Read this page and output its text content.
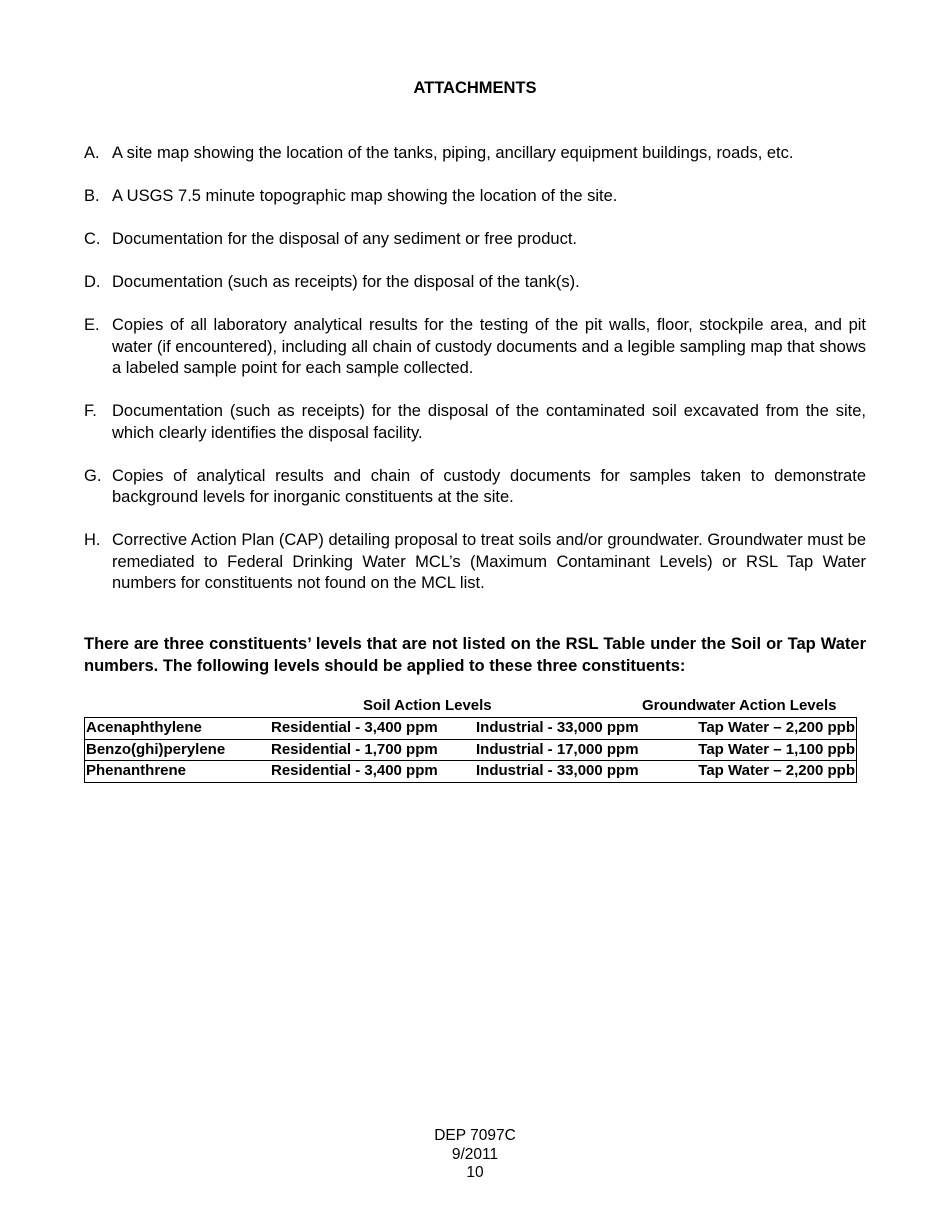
ATTACHMENTS
A. A site map showing the location of the tanks, piping, ancillary equipment buildings, roads, etc.
B. A USGS 7.5 minute topographic map showing the location of the site.
C. Documentation for the disposal of any sediment or free product.
D. Documentation (such as receipts) for the disposal of the tank(s).
E. Copies of all laboratory analytical results for the testing of the pit walls, floor, stockpile area, and pit water (if encountered), including all chain of custody documents and a legible sampling map that shows a labeled sample point for each sample collected.
F. Documentation (such as receipts) for the disposal of the contaminated soil excavated from the site, which clearly identifies the disposal facility.
G. Copies of analytical results and chain of custody documents for samples taken to demonstrate background levels for inorganic constituents at the site.
H. Corrective Action Plan (CAP) detailing proposal to treat soils and/or groundwater. Groundwater must be remediated to Federal Drinking Water MCL’s (Maximum Contaminant Levels) or RSL Tap Water numbers for constituents not found on the MCL list.

There are three constituents’ levels that are not listed on the RSL Table under the Soil or Tap Water numbers. The following levels should be applied to these three constituents:

Soil Action Levels	Groundwater Action Levels
Acenaphthylene	Residential - 3,400 ppm	Industrial - 33,000 ppm	Tap Water – 2,200 ppb
Benzo(ghi)perylene	Residential - 1,700 ppm	Industrial - 17,000 ppm	Tap Water – 1,100 ppb
Phenanthrene	Residential - 3,400 ppm	Industrial - 33,000 ppm	Tap Water – 2,200 ppb
DEP 7097C
9/2011
10
